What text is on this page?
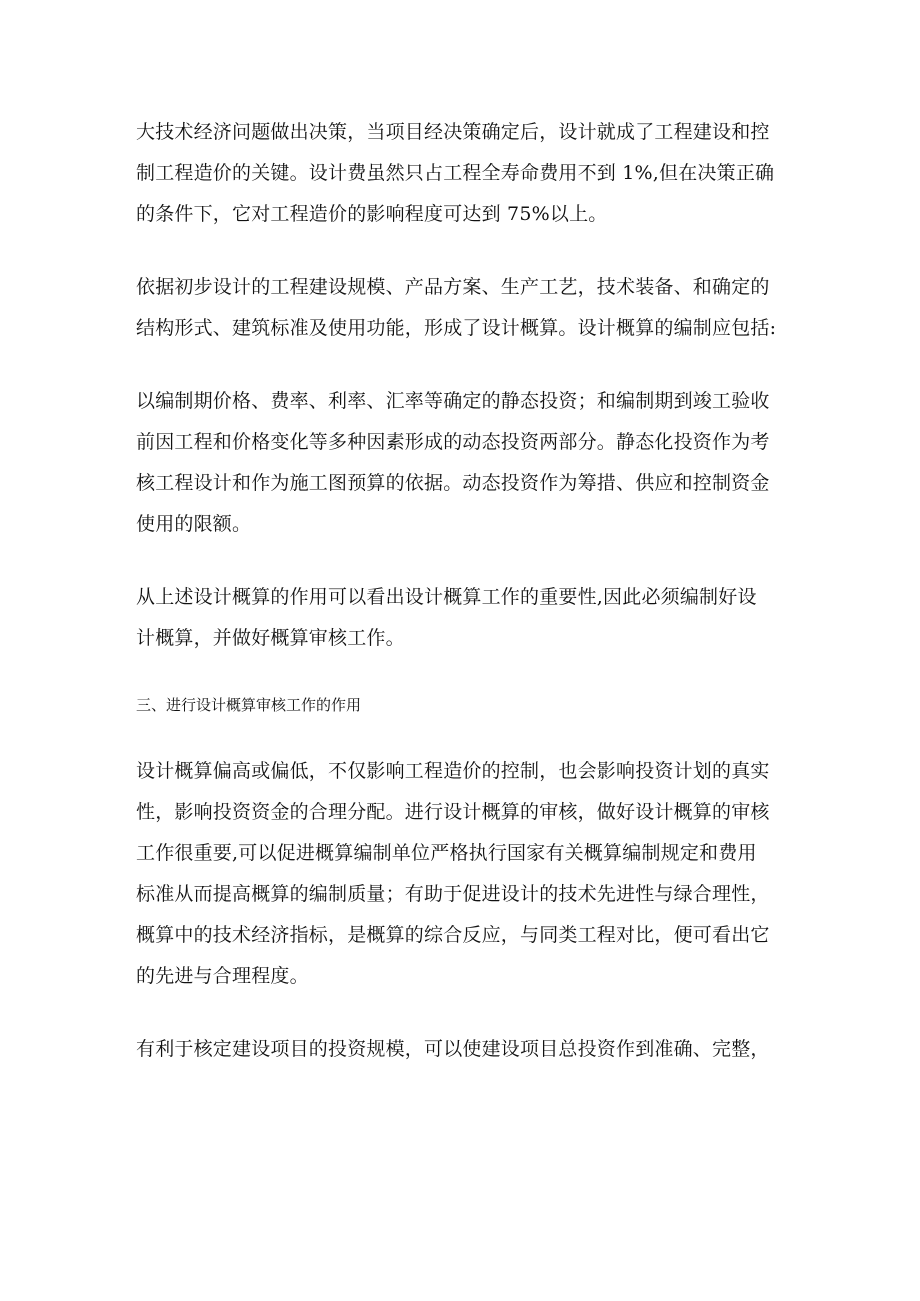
大技术经济问题做出决策，当项目经决策确定后，设计就成了工程建设和控
制工程造价的关键。设计费虽然只占工程全寿命费用不到 1%,但在决策正确
的条件下，它对工程造价的影响程度可达到 75%以上。

依据初步设计的工程建设规模、产品方案、生产工艺，技术装备、和确定的
结构形式、建筑标准及使用功能，形成了设计概算。设计概算的编制应包括:

以编制期价格、费率、利率、汇率等确定的静态投资；和编制期到竣工验收
前因工程和价格变化等多种因素形成的动态投资两部分。静态化投资作为考
核工程设计和作为施工图预算的依据。动态投资作为筹措、供应和控制资金
使用的限额。

从上述设计概算的作用可以看出设计概算工作的重要性,因此必须编制好设
计概算，并做好概算审核工作。

三、进行设计概算审核工作的作用

设计概算偏高或偏低，不仅影响工程造价的控制，也会影响投资计划的真实
性，影响投资资金的合理分配。进行设计概算的审核，做好设计概算的审核
工作很重要,可以促进概算编制单位严格执行国家有关概算编制规定和费用
标准从而提高概算的编制质量；有助于促进设计的技术先进性与绿合理性，
概算中的技术经济指标，是概算的综合反应，与同类工程对比，便可看出它
的先进与合理程度。

有利于核定建设项目的投资规模，可以使建设项目总投资作到准确、完整，
